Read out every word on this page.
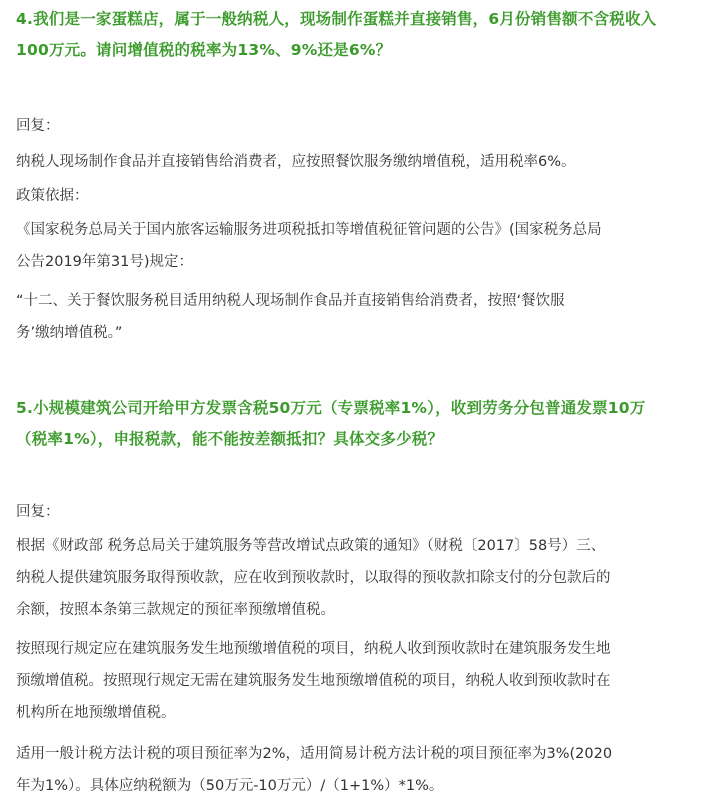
4.我们是一家蛋糕店，属于一般纳税人，现场制作蛋糕并直接销售，6月份销售额不含税收入
100万元。请问增值税的税率为13%、9%还是6%？
回复：
纳税人现场制作食品并直接销售给消费者，应按照餐饮服务缴纳增值税，适用税率6%。
政策依据：
《国家税务总局关于国内旅客运输服务进项税抵扣等增值税征管问题的公告》(国家税务总局
公告2019年第31号)规定：
“十二、关于餐饮服务税目适用纳税人现场制作食品并直接销售给消费者，按照‘餐饮服
务’缴纳增值税。”
5.小规模建筑公司开给甲方发票含税50万元（专票税率1%），收到劳务分包普通发票10万
（税率1%），申报税款，能不能按差额抵扣？具体交多少税？
回复：
根据《财政部 税务总局关于建筑服务等营改增试点政策的通知》（财税〔2017〕58号）三、
纳税人提供建筑服务取得预收款，应在收到预收款时，以取得的预收款扣除支付的分包款后的
余额，按照本条第三款规定的预征率预缴增值税。
按照现行规定应在建筑服务发生地预缴增值税的项目，纳税人收到预收款时在建筑服务发生地
预缴增值税。按照现行规定无需在建筑服务发生地预缴增值税的项目，纳税人收到预收款时在
机构所在地预缴增值税。
适用一般计税方法计税的项目预征率为2%，适用简易计税方法计税的项目预征率为3%(2020
年为1%）。具体应纳税额为（50万元-10万元）/（1+1%）*1%。
